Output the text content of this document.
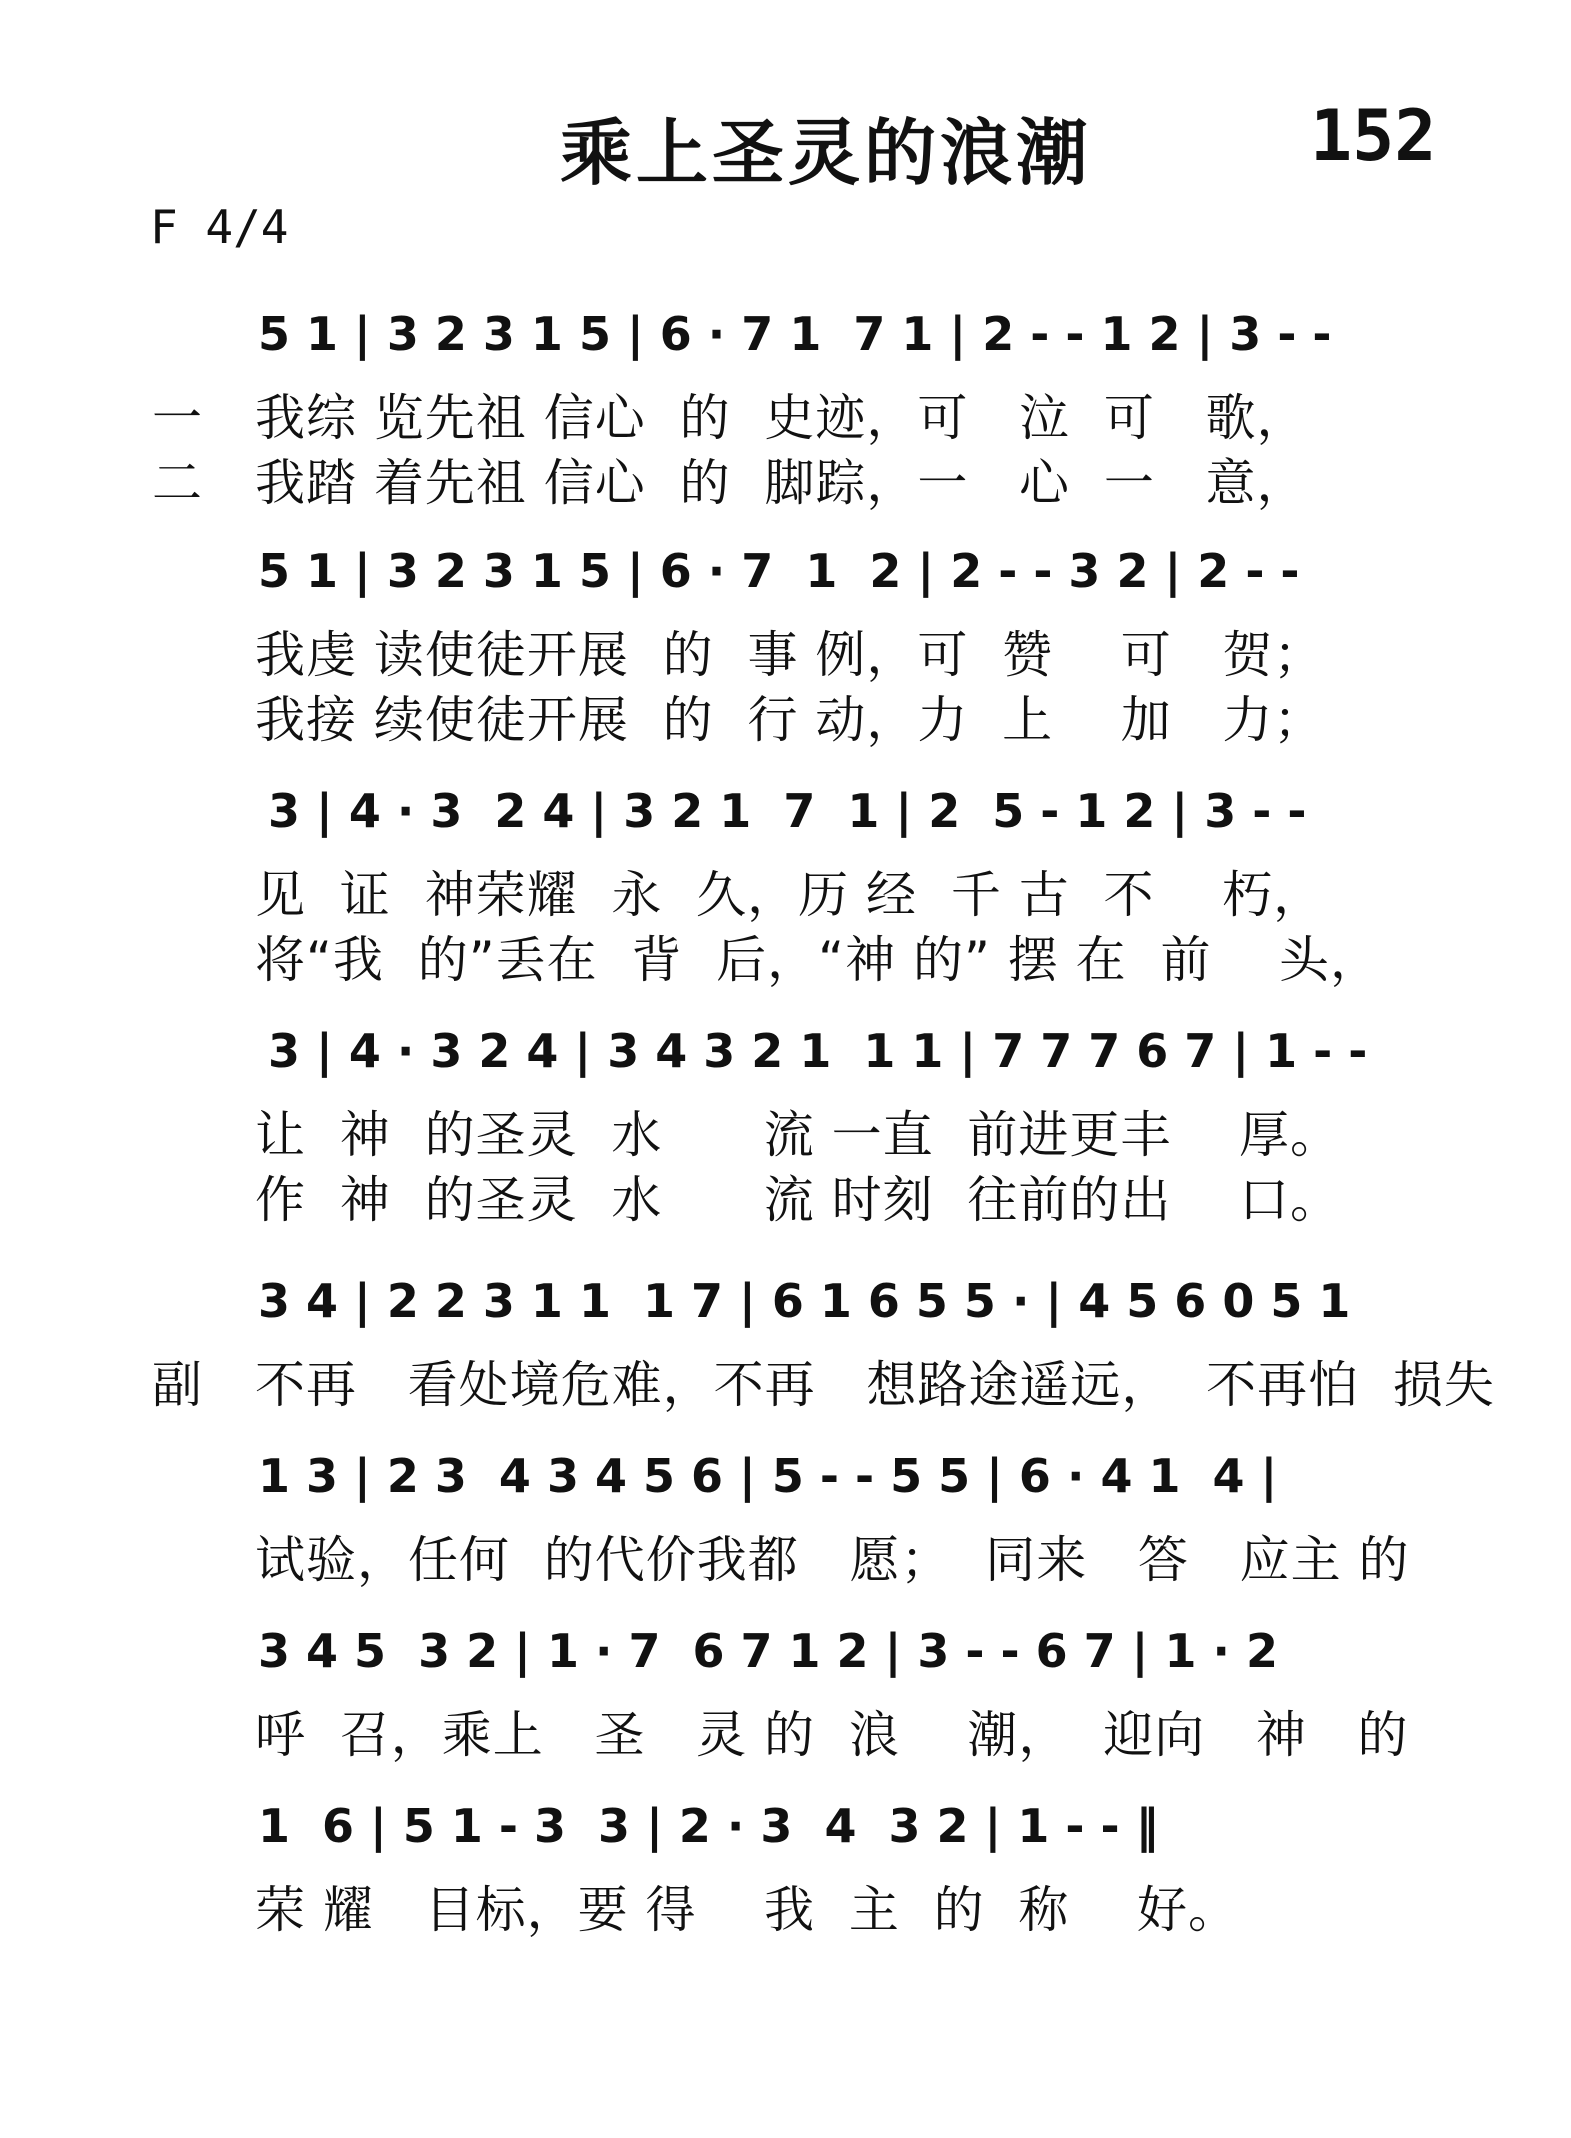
乘上圣灵的浪潮	152
F 4/4
5 1 | 3 2 3 1 5 | 6 · 7 1  7 1 | 2 - - 1 2 | 3 - -
一 我综 览先祖 信心  的  史迹，可   泣  可   歌，
二 我踏 着先祖 信心  的  脚踪，一   心  一   意，
5 1 | 3 2 3 1 5 | 6 · 7  1  2 | 2 - - 3 2 | 2 - -
我虔 读使徒开展  的  事 例，可  赞    可   贺；
我接 续使徒开展  的  行 动，力  上    加   力；
3 | 4 · 3  2 4 | 3 2 1  7  1 | 2  5 - 1 2 | 3 - -
见  证  神荣耀  永  久，历 经  千 古  不    朽，
将“我  的”丢在  背  后，“神 的” 摆 在  前    头，
3 | 4 · 3 2 4 | 3 4 3 2 1  1 1 | 7 7 7 6 7 | 1 - -
让  神  的圣灵  水      流 一直  前进更丰    厚。
作  神  的圣灵  水      流 时刻  往前的出    口。
3 4 | 2 2 3 1 1  1 7 | 6 1 6 5 5 · | 4 5 6 0 5 1
副 不再   看处境危难，不再   想路途遥远，  不再怕  损失
1 3 | 2 3  4 3 4 5 6 | 5 - - 5 5 | 6 · 4 1  4 |
试验，任何  的代价我都   愿；  同来   答   应主 的
3 4 5  3 2 | 1 · 7  6 7 1 2 | 3 - - 6 7 | 1 · 2
呼  召，乘上   圣   灵 的  浪    潮，  迎向   神   的
1  6 | 5 1 - 3  3 | 2 · 3  4  3 2 | 1 - - ‖
荣 耀   目标，要 得    我  主  的  称    好。
